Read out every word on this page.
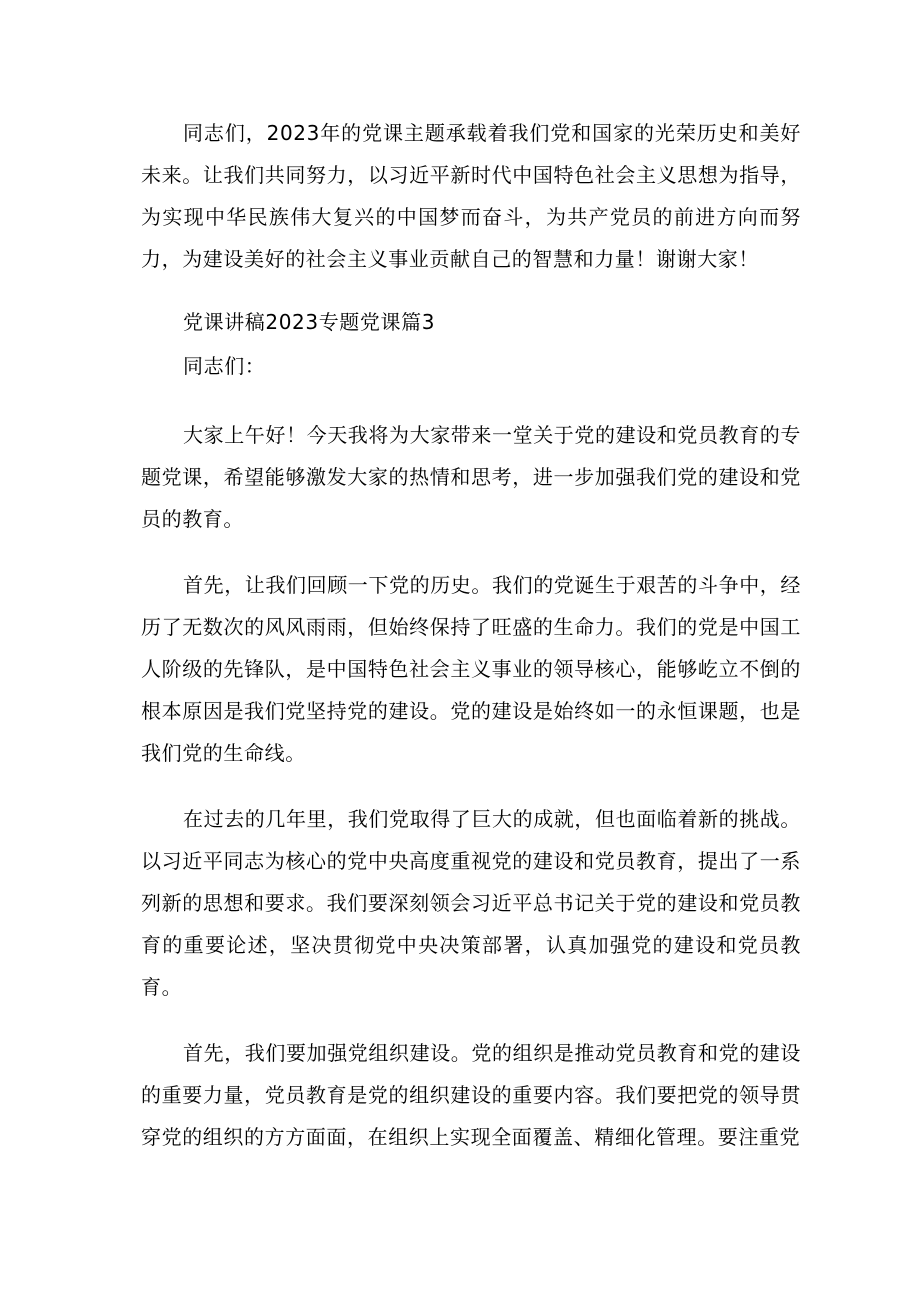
同志们，2023年的党课主题承载着我们党和国家的光荣历史和美好未来。让我们共同努力，以习近平新时代中国特色社会主义思想为指导，为实现中华民族伟大复兴的中国梦而奋斗，为共产党员的前进方向而努力，为建设美好的社会主义事业贡献自己的智慧和力量！谢谢大家！

党课讲稿2023专题党课篇3

同志们：

大家上午好！今天我将为大家带来一堂关于党的建设和党员教育的专题党课，希望能够激发大家的热情和思考，进一步加强我们党的建设和党员的教育。

首先，让我们回顾一下党的历史。我们的党诞生于艰苦的斗争中，经历了无数次的风风雨雨，但始终保持了旺盛的生命力。我们的党是中国工人阶级的先锋队，是中国特色社会主义事业的领导核心，能够屹立不倒的根本原因是我们党坚持党的建设。党的建设是始终如一的永恒课题，也是我们党的生命线。

在过去的几年里，我们党取得了巨大的成就，但也面临着新的挑战。以习近平同志为核心的党中央高度重视党的建设和党员教育，提出了一系列新的思想和要求。我们要深刻领会习近平总书记关于党的建设和党员教育的重要论述，坚决贯彻党中央决策部署，认真加强党的建设和党员教育。

首先，我们要加强党组织建设。党的组织是推动党员教育和党的建设的重要力量，党员教育是党的组织建设的重要内容。我们要把党的领导贯穿党的组织的方方面面，在组织上实现全面覆盖、精细化管理。要注重党
